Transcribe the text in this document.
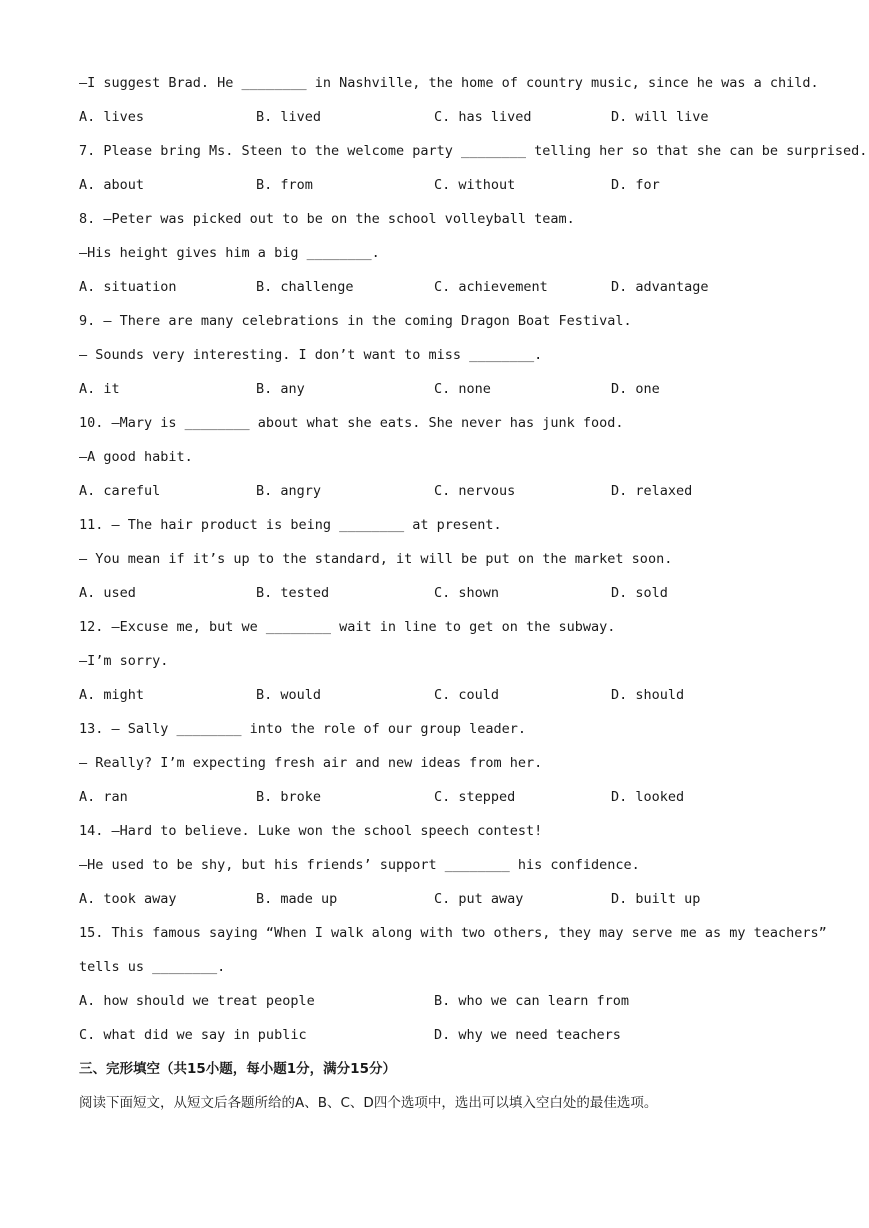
—I suggest Brad. He ________ in Nashville, the home of country music, since he was a child.

A. lives

	B. lived

	C. has lived

	D. will live

7. Please bring Ms. Steen to the welcome party ________ telling her so that she can be surprised.

A. about

	B. from

	C. without

	D. for

8. —Peter was picked out to be on the school volleyball team.
—His height gives him a big ________.

A. situation

	B. challenge

	C. achievement

	D. advantage

9. — There are many celebrations in the coming Dragon Boat Festival.
— Sounds very interesting. I don’t want to miss ________.

A. it

	B. any

	C. none

	D. one

10. —Mary is ________ about what she eats. She never has junk food.
—A good habit.

A. careful

	B. angry

	C. nervous

	D. relaxed

11. — The hair product is being ________ at present.
— You mean if it’s up to the standard, it will be put on the market soon.

A. used

	B. tested

	C. shown

	D. sold

12. —Excuse me, but we ________ wait in line to get on the subway.
—I’m sorry.

A. might

	B. would

	C. could

	D. should

13. — Sally ________ into the role of our group leader.
— Really? I’m expecting fresh air and new ideas from her.

A. ran

	B. broke

	C. stepped

	D. looked

14. —Hard to believe. Luke won the school speech contest!
—He used to be shy, but his friends’ support ________ his confidence.

A. took away

	B. made up

	C. put away

	D. built up

15. This famous saying “When I walk along with two others, they may serve me as my teachers”
tells us ________.

A. how should we treat people

	B. who we can learn from

C. what did we say in public

	D. why we need teachers

三、完形填空（共15小题，每小题1分，满分15分）
阅读下面短文，从短文后各题所给的A、B、C、D四个选项中，选出可以填入空白处的最佳选项。
